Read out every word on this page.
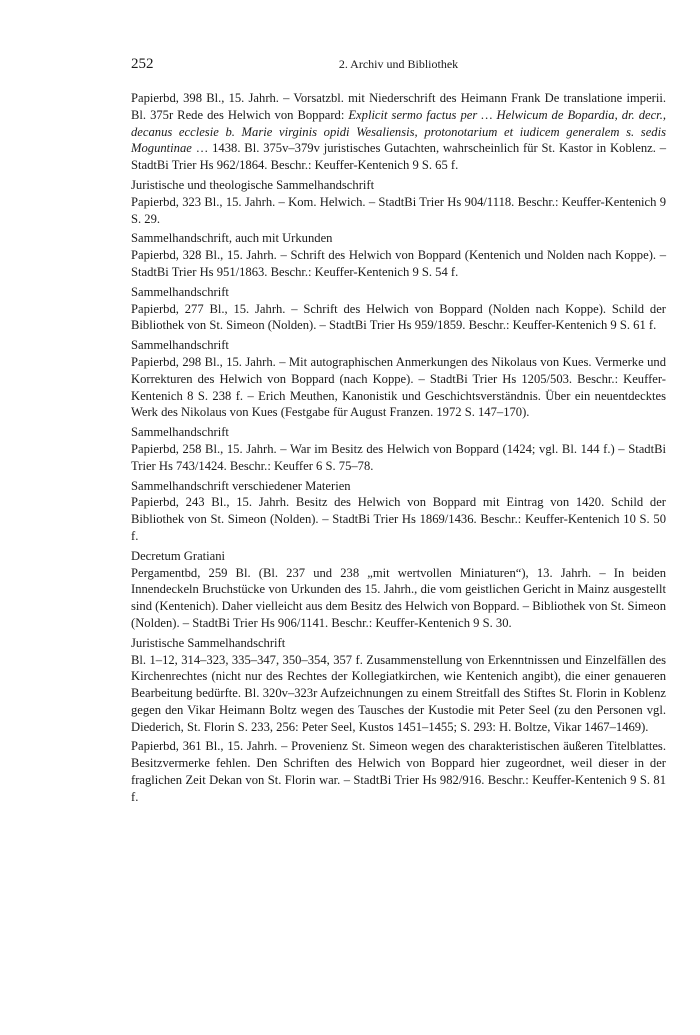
252	2. Archiv und Bibliothek
Papierbd, 398 Bl., 15. Jahrh. – Vorsatzbl. mit Niederschrift des Heimann Frank De translatione imperii. Bl. 375r Rede des Helwich von Boppard: Explicit sermo factus per … Helwicum de Bopardia, dr. decr., decanus ecclesie b. Marie virginis opidi Wesaliensis, protonotarium et iudicem generalem s. sedis Moguntinae … 1438. Bl. 375v–379v juristisches Gutachten, wahrscheinlich für St. Kastor in Koblenz. – StadtBi Trier Hs 962/1864. Beschr.: Keuffer-Kentenich 9 S. 65 f.
Juristische und theologische Sammelhandschrift
Papierbd, 323 Bl., 15. Jahrh. – Kom. Helwich. – StadtBi Trier Hs 904/1118. Beschr.: Keuffer-Kentenich 9 S. 29.
Sammelhandschrift, auch mit Urkunden
Papierbd, 328 Bl., 15. Jahrh. – Schrift des Helwich von Boppard (Kentenich und Nolden nach Koppe). – StadtBi Trier Hs 951/1863. Beschr.: Keuffer-Kentenich 9 S. 54 f.
Sammelhandschrift
Papierbd, 277 Bl., 15. Jahrh. – Schrift des Helwich von Boppard (Nolden nach Koppe). Schild der Bibliothek von St. Simeon (Nolden). – StadtBi Trier Hs 959/1859. Beschr.: Keuffer-Kentenich 9 S. 61 f.
Sammelhandschrift
Papierbd, 298 Bl., 15. Jahrh. – Mit autographischen Anmerkungen des Nikolaus von Kues. Vermerke und Korrekturen des Helwich von Boppard (nach Koppe). – StadtBi Trier Hs 1205/503. Beschr.: Keuffer-Kentenich 8 S. 238 f. – Erich Meuthen, Kanonistik und Geschichtsverständnis. Über ein neuentdecktes Werk des Nikolaus von Kues (Festgabe für August Franzen. 1972 S. 147–170).
Sammelhandschrift
Papierbd, 258 Bl., 15. Jahrh. – War im Besitz des Helwich von Boppard (1424; vgl. Bl. 144 f.) – StadtBi Trier Hs 743/1424. Beschr.: Keuffer 6 S. 75–78.
Sammelhandschrift verschiedener Materien
Papierbd, 243 Bl., 15. Jahrh. Besitz des Helwich von Boppard mit Eintrag von 1420. Schild der Bibliothek von St. Simeon (Nolden). – StadtBi Trier Hs 1869/1436. Beschr.: Keuffer-Kentenich 10 S. 50 f.
Decretum Gratiani
Pergamentbd, 259 Bl. (Bl. 237 und 238 „mit wertvollen Miniaturen“), 13. Jahrh. – In beiden Innendeckeln Bruchstücke von Urkunden des 15. Jahrh., die vom geistlichen Gericht in Mainz ausgestellt sind (Kentenich). Daher vielleicht aus dem Besitz des Helwich von Boppard. – Bibliothek von St. Simeon (Nolden). – StadtBi Trier Hs 906/1141. Beschr.: Keuffer-Kentenich 9 S. 30.
Juristische Sammelhandschrift
Bl. 1–12, 314–323, 335–347, 350–354, 357 f. Zusammenstellung von Erkenntnissen und Einzelfällen des Kirchenrechtes (nicht nur des Rechtes der Kollegiatkirchen, wie Kentenich angibt), die einer genaueren Bearbeitung bedürfte. Bl. 320v–323r Aufzeichnungen zu einem Streitfall des Stiftes St. Florin in Koblenz gegen den Vikar Heimann Boltz wegen des Tausches der Kustodie mit Peter Seel (zu den Personen vgl. Diederich, St. Florin S. 233, 256: Peter Seel, Kustos 1451–1455; S. 293: H. Boltze, Vikar 1467–1469).
Papierbd, 361 Bl., 15. Jahrh. – Provenienz St. Simeon wegen des charakteristischen äußeren Titelblattes. Besitzvermerke fehlen. Den Schriften des Helwich von Boppard hier zugeordnet, weil dieser in der fraglichen Zeit Dekan von St. Florin war. – StadtBi Trier Hs 982/916. Beschr.: Keuffer-Kentenich 9 S. 81 f.
